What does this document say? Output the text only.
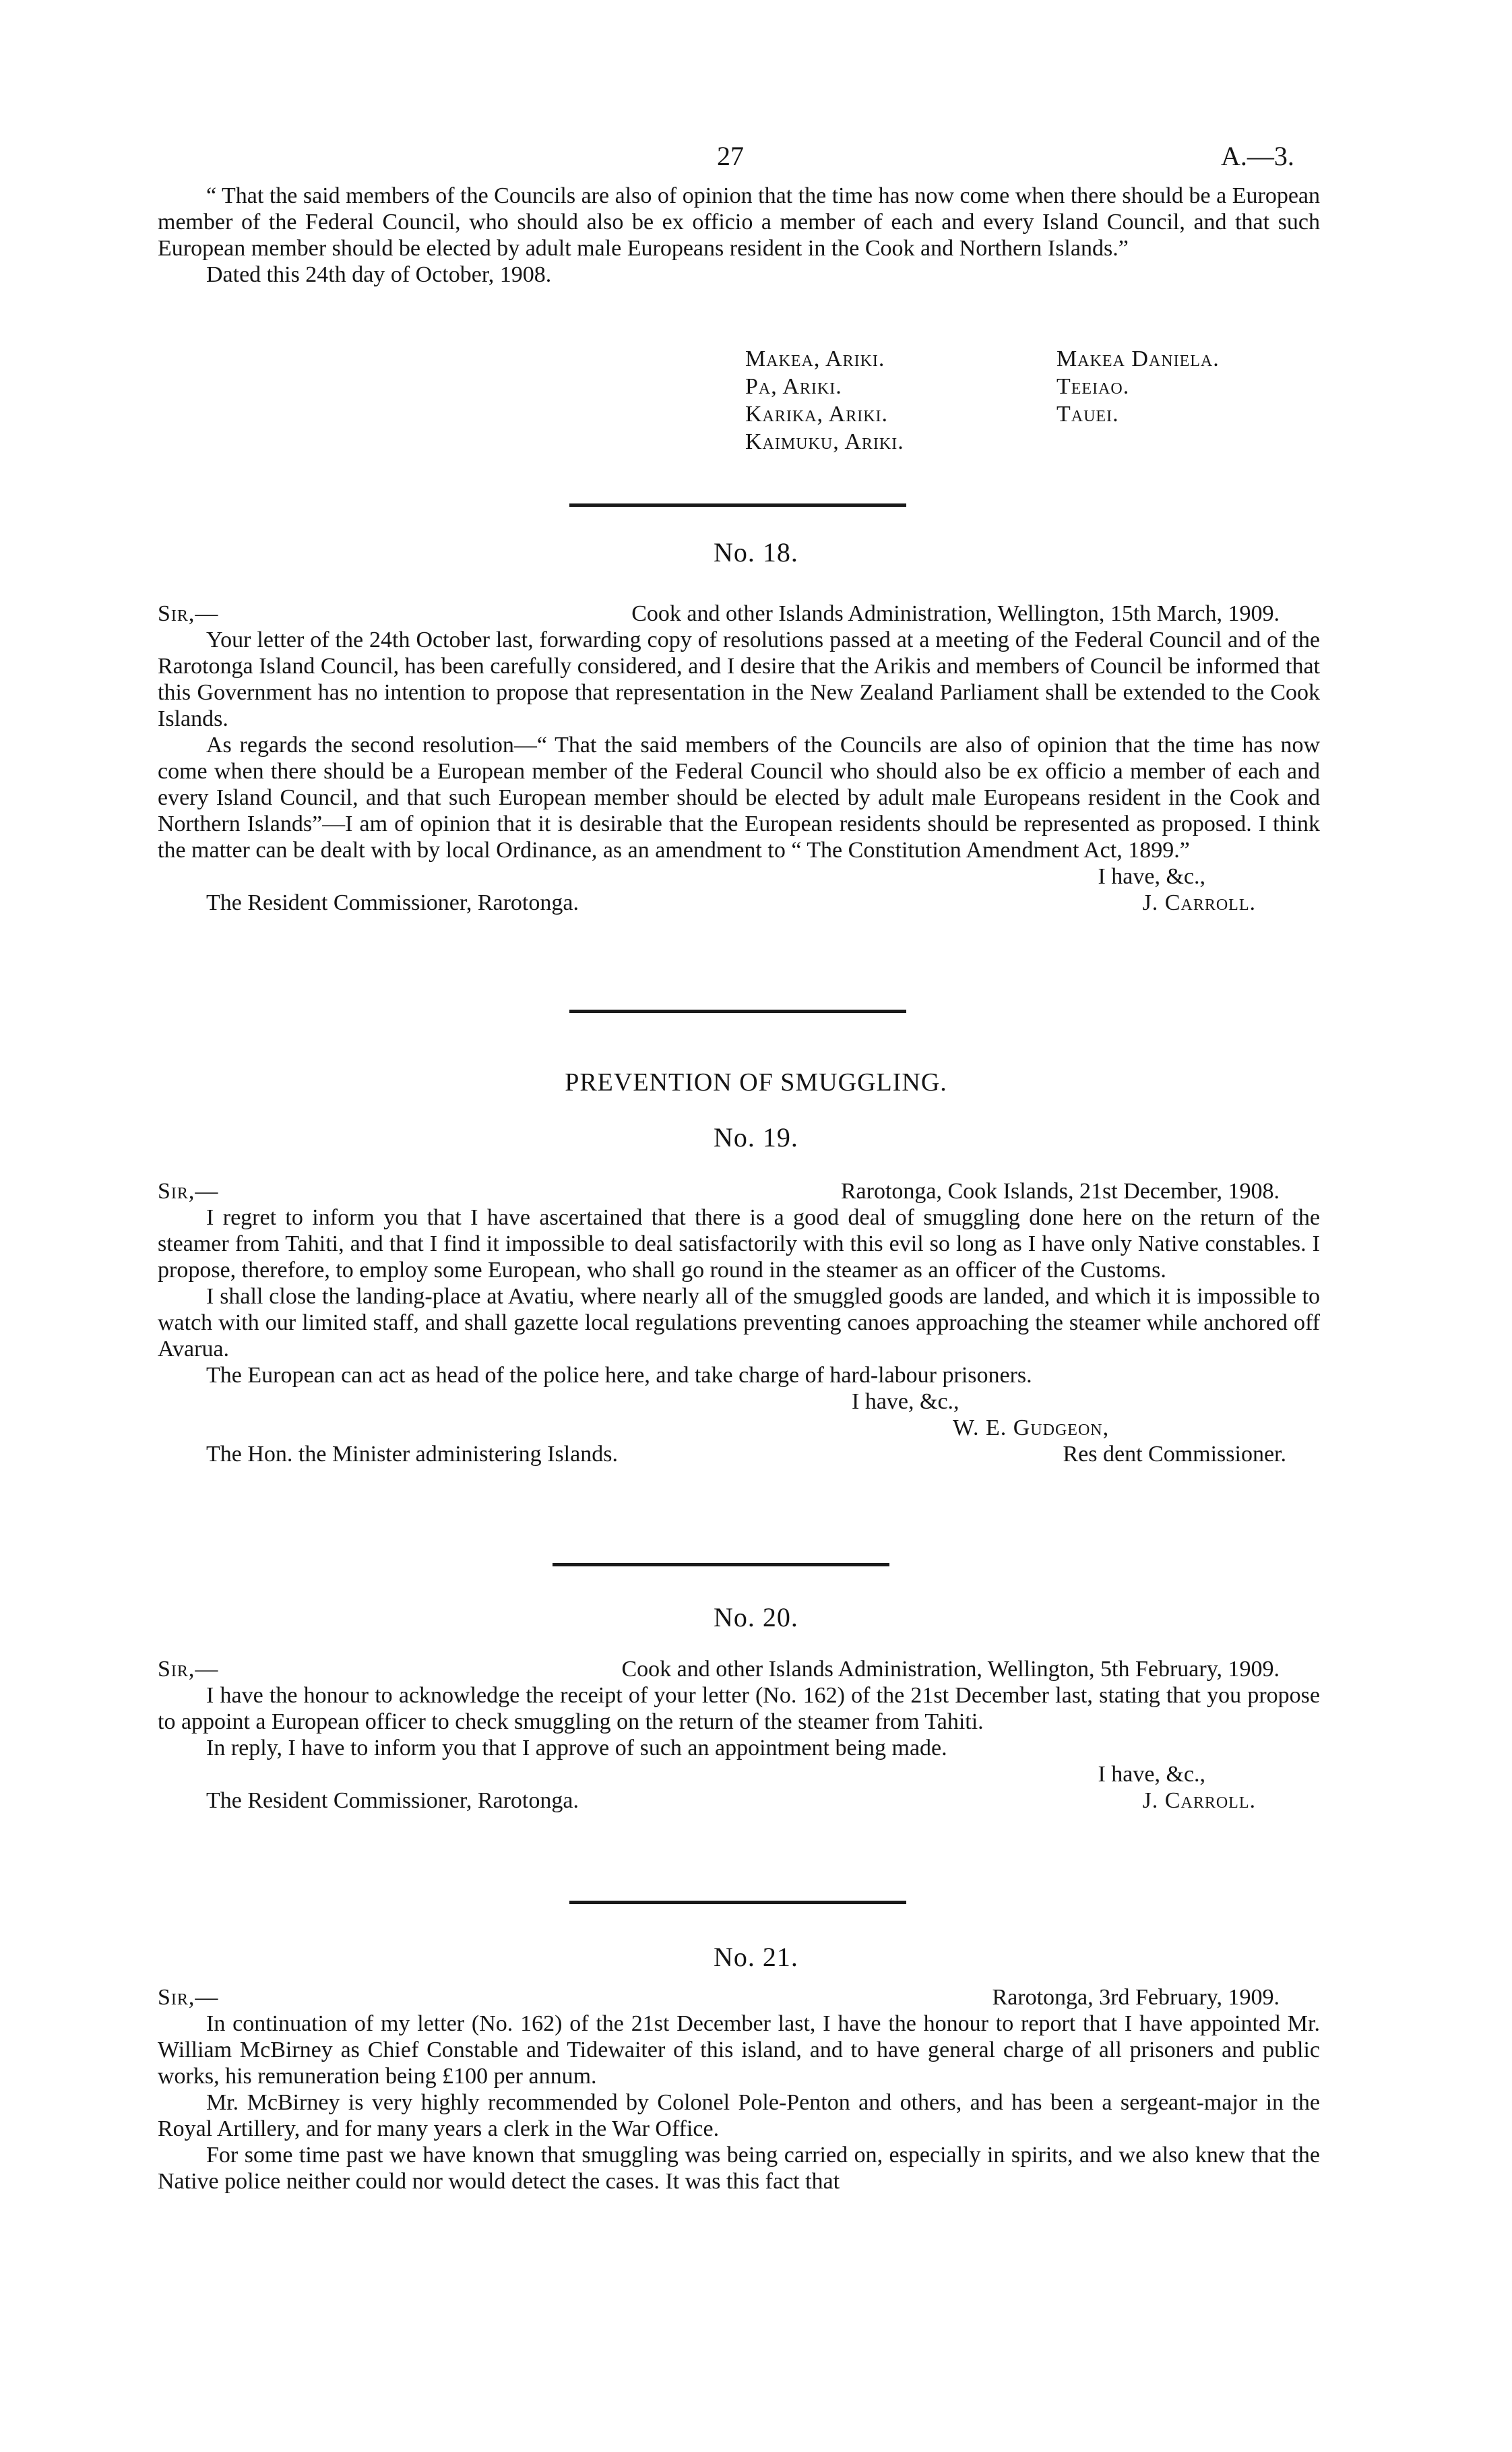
27	A.—3.

“ That the said members of the Councils are also of opinion that the time has now come when there should be a European member of the Federal Council, who should also be ex officio a member of each and every Island Council, and that such European member should be elected by adult male Europeans resident in the Cook and Northern Islands.”

Dated this 24th day of October, 1908.

Makea, Ariki.
Pa, Ariki.
Karika, Ariki.
Kaimuku, Ariki.
Makea Daniela.
Teeiao.
Tauei.
No. 18.
Sir,—	Cook and other Islands Administration, Wellington, 15th March, 1909.

Your letter of the 24th October last, forwarding copy of resolutions passed at a meeting of the Federal Council and of the Rarotonga Island Council, has been carefully considered, and I desire that the Arikis and members of Council be informed that this Government has no intention to propose that representation in the New Zealand Parliament shall be extended to the Cook Islands.

As regards the second resolution—“ That the said members of the Councils are also of opinion that the time has now come when there should be a European member of the Federal Council who should also be ex officio a member of each and every Island Council, and that such European member should be elected by adult male Europeans resident in the Cook and Northern Islands”—I am of opinion that it is desirable that the European residents should be represented as proposed. I think the matter can be dealt with by local Ordinance, as an amendment to “ The Constitution Amendment Act, 1899.”

I have, &c.,
The Resident Commissioner, Rarotonga.	J. Carroll.
PREVENTION OF SMUGGLING.
No. 19.
Sir,—	Rarotonga, Cook Islands, 21st December, 1908.

I regret to inform you that I have ascertained that there is a good deal of smuggling done here on the return of the steamer from Tahiti, and that I find it impossible to deal satisfactorily with this evil so long as I have only Native constables. I propose, therefore, to employ some European, who shall go round in the steamer as an officer of the Customs.

I shall close the landing-place at Avatiu, where nearly all of the smuggled goods are landed, and which it is impossible to watch with our limited staff, and shall gazette local regulations preventing canoes approaching the steamer while anchored off Avarua.

The European can act as head of the police here, and take charge of hard-labour prisoners.

I have, &c.,
W. E. Gudgeon,
The Hon. the Minister administering Islands.	Res dent Commissioner.
No. 20.
Sir,—	Cook and other Islands Administration, Wellington, 5th February, 1909.

I have the honour to acknowledge the receipt of your letter (No. 162) of the 21st December last, stating that you propose to appoint a European officer to check smuggling on the return of the steamer from Tahiti.

In reply, I have to inform you that I approve of such an appointment being made.

I have, &c.,
The Resident Commissioner, Rarotonga.	J. Carroll.
No. 21.
Sir,—	Rarotonga, 3rd February, 1909.

In continuation of my letter (No. 162) of the 21st December last, I have the honour to report that I have appointed Mr. William McBirney as Chief Constable and Tidewaiter of this island, and to have general charge of all prisoners and public works, his remuneration being £100 per annum.

Mr. McBirney is very highly recommended by Colonel Pole-Penton and others, and has been a sergeant-major in the Royal Artillery, and for many years a clerk in the War Office.

For some time past we have known that smuggling was being carried on, especially in spirits, and we also knew that the Native police neither could nor would detect the cases. It was this fact that
